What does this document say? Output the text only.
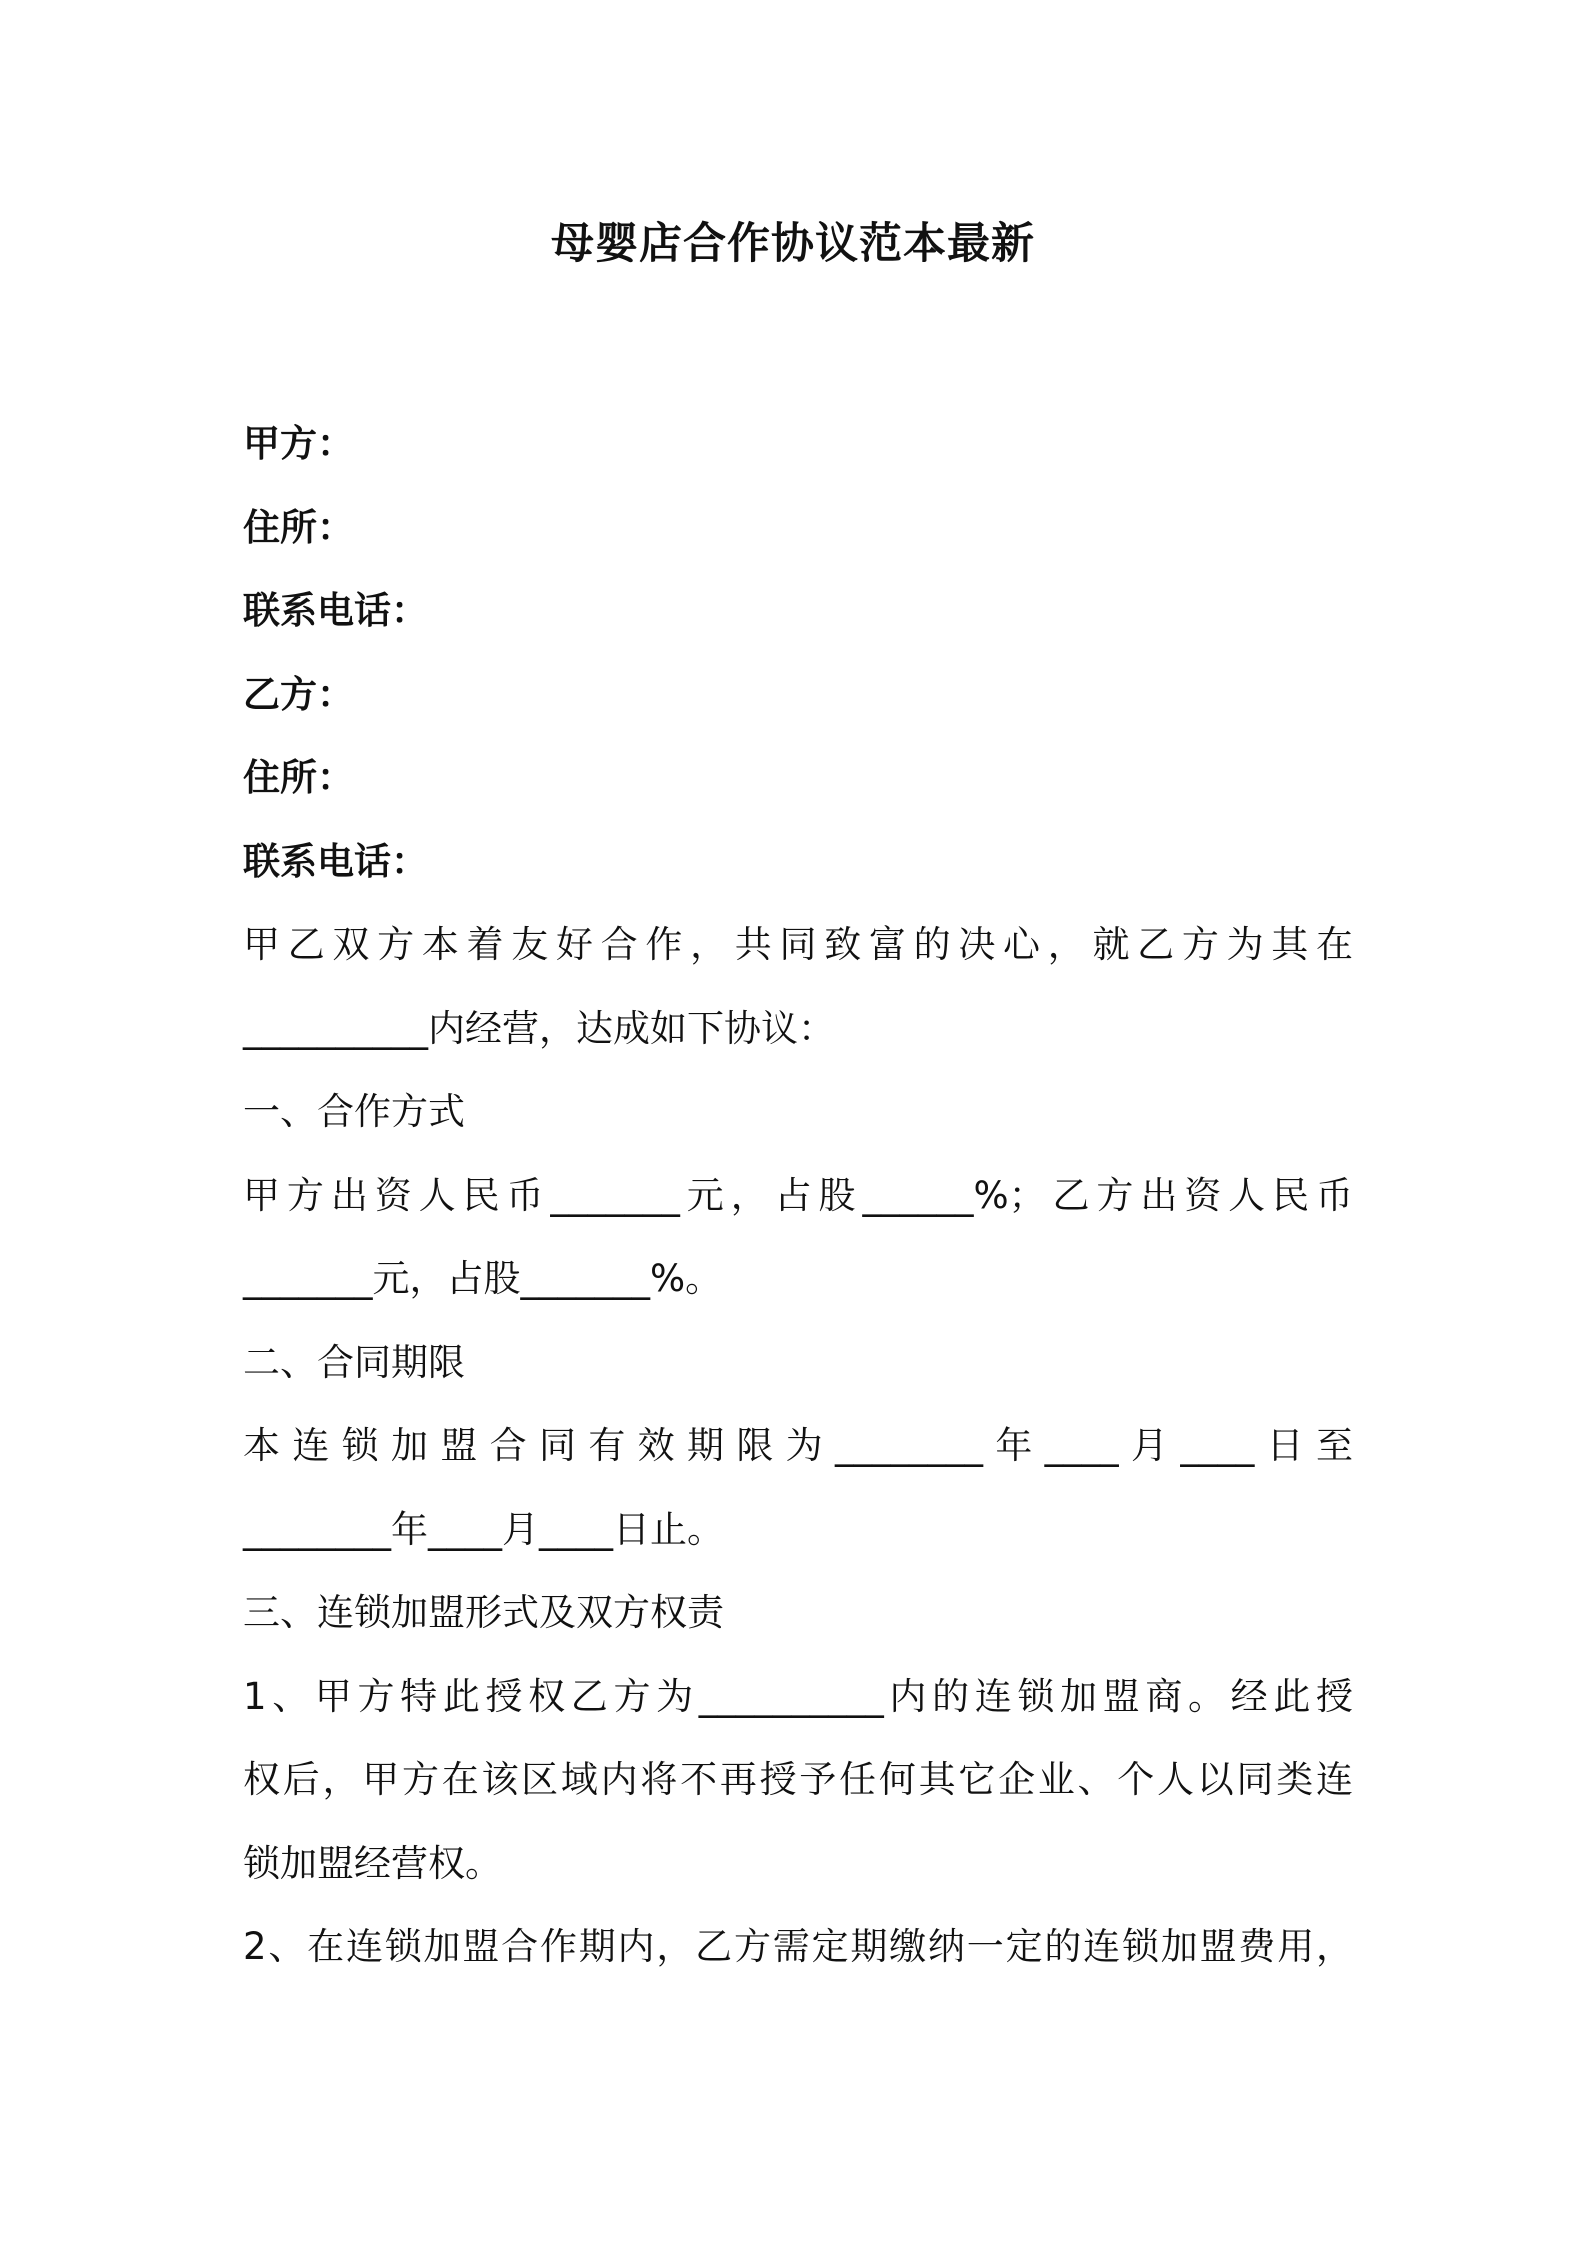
母婴店合作协议范本最新
甲方：
住所：
联系电话：
乙方：
住所：
联系电话：
甲乙双方本着友好合作，共同致富的决心，就乙方为其在
__________内经营，达成如下协议：
一、合作方式
甲方出资人民币_______元，占股______%；乙方出资人民币
_______元，占股_______%。
二、合同期限
本连锁加盟合同有效期限为________年____月____日至
________年____月____日止。
三、连锁加盟形式及双方权责
1、甲方特此授权乙方为__________内的连锁加盟商。经此授
权后，甲方在该区域内将不再授予任何其它企业、个人以同类连
锁加盟经营权。
2、在连锁加盟合作期内，乙方需定期缴纳一定的连锁加盟费用，
